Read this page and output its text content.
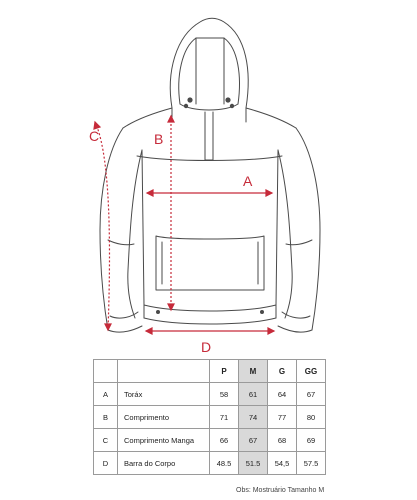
A
B
C
D
		P	M	G	GG
A	Toráx	58	61	64	67
B	Comprimento	71	74	77	80
C	Comprimento Manga	66	67	68	69
D	Barra do Corpo	48.5	51.5	54,5	57.5
Obs: Mostruário Tamanho M
